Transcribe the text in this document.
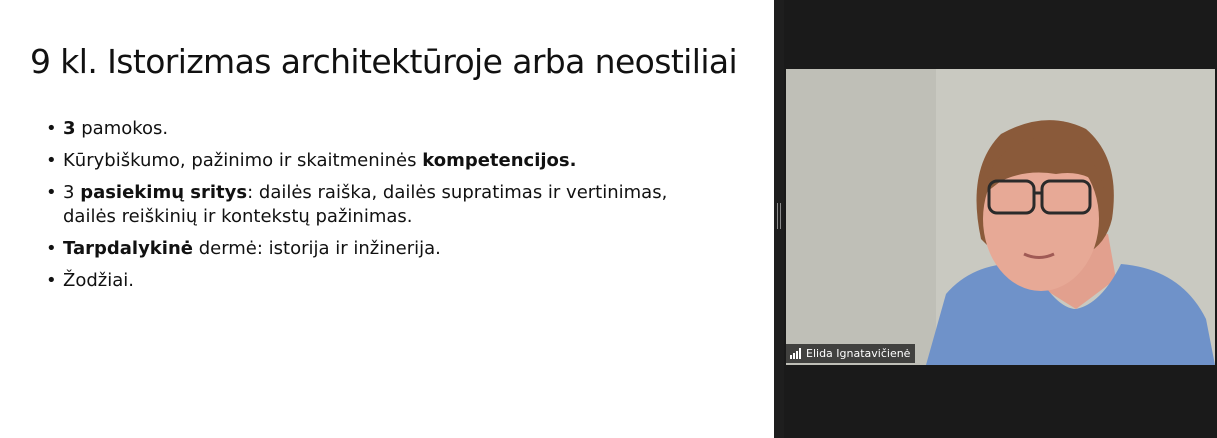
9 kl. Istorizmas architektūroje arba neostiliai
• 3 pamokos.
• Kūrybiškumo, pažinimo ir skaitmeninės kompetencijos.
• 3 pasiekimų sritys: dailės raiška, dailės supratimas ir vertinimas,
dailės reiškinių ir kontekstų pažinimas.
• Tarpdalykinė dermė: istorija ir inžinerija.
• Žodžiai.
Elida Ignatavičienė
